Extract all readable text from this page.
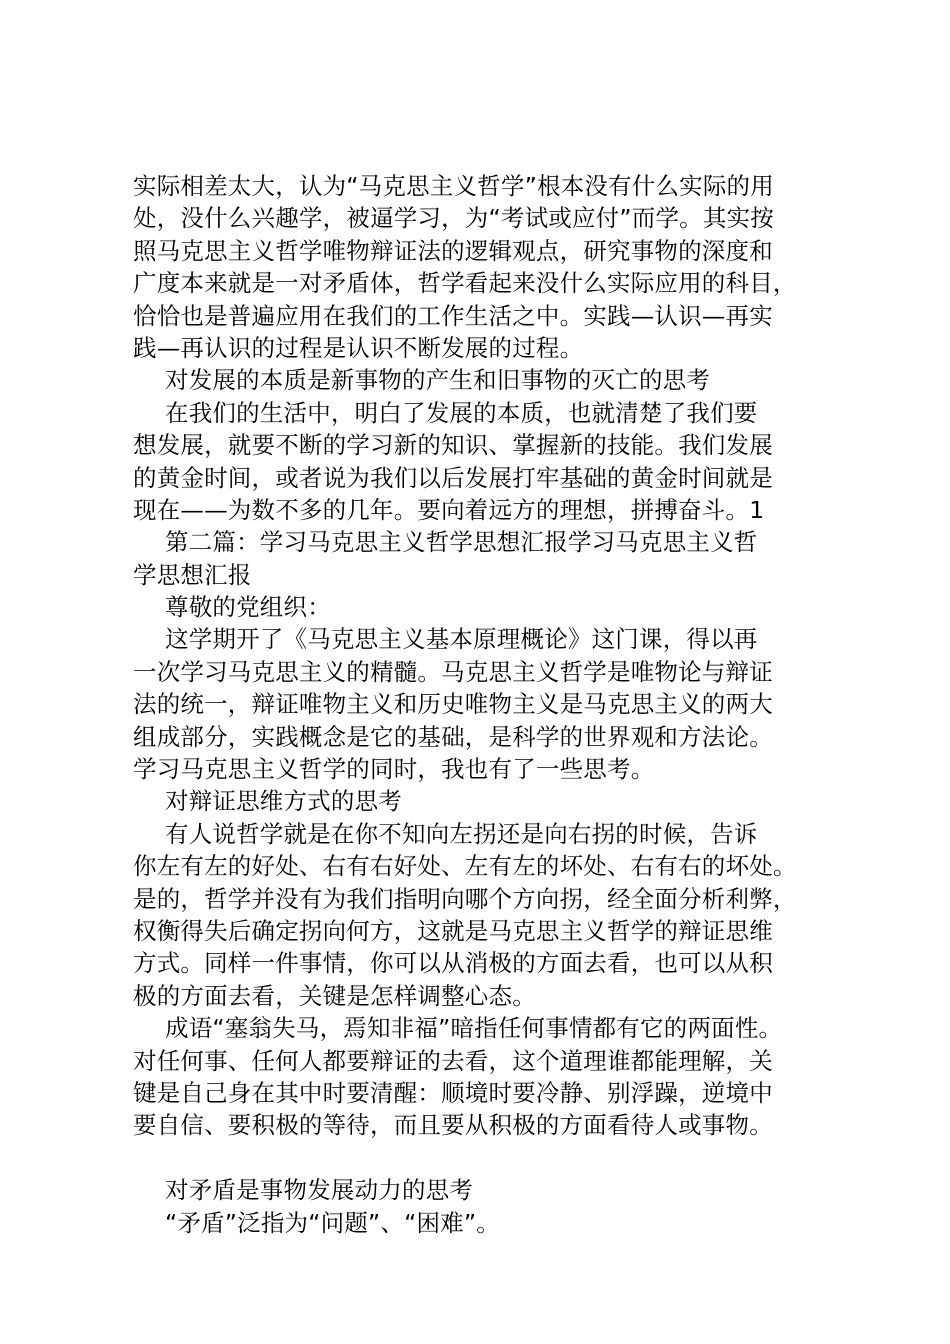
实际相差太大，认为“马克思主义哲学”根本没有什么实际的用
处，没什么兴趣学，被逼学习，为“考试或应付”而学。其实按
照马克思主义哲学唯物辩证法的逻辑观点，研究事物的深度和
广度本来就是一对矛盾体，哲学看起来没什么实际应用的科目，
恰恰也是普遍应用在我们的工作生活之中。实践—认识—再实
践—再认识的过程是认识不断发展的过程。
对发展的本质是新事物的产生和旧事物的灭亡的思考
在我们的生活中，明白了发展的本质，也就清楚了我们要
想发展，就要不断的学习新的知识、掌握新的技能。我们发展
的黄金时间，或者说为我们以后发展打牢基础的黄金时间就是
现在——为数不多的几年。要向着远方的理想，拼搏奋斗。1
第二篇：学习马克思主义哲学思想汇报学习马克思主义哲
学思想汇报
尊敬的党组织：
这学期开了《马克思主义基本原理概论》这门课，得以再
一次学习马克思主义的精髓。马克思主义哲学是唯物论与辩证
法的统一，辩证唯物主义和历史唯物主义是马克思主义的两大
组成部分，实践概念是它的基础，是科学的世界观和方法论。
学习马克思主义哲学的同时，我也有了一些思考。
对辩证思维方式的思考
有人说哲学就是在你不知向左拐还是向右拐的时候，告诉
你左有左的好处、右有右好处、左有左的坏处、右有右的坏处。
是的，哲学并没有为我们指明向哪个方向拐，经全面分析利弊，
权衡得失后确定拐向何方，这就是马克思主义哲学的辩证思维
方式。同样一件事情，你可以从消极的方面去看，也可以从积
极的方面去看，关键是怎样调整心态。
成语“塞翁失马，焉知非福”暗指任何事情都有它的两面性。
对任何事、任何人都要辩证的去看，这个道理谁都能理解，关
键是自己身在其中时要清醒：顺境时要冷静、别浮躁，逆境中
要自信、要积极的等待，而且要从积极的方面看待人或事物。
对矛盾是事物发展动力的思考
“矛盾”泛指为“问题”、“困难”。
